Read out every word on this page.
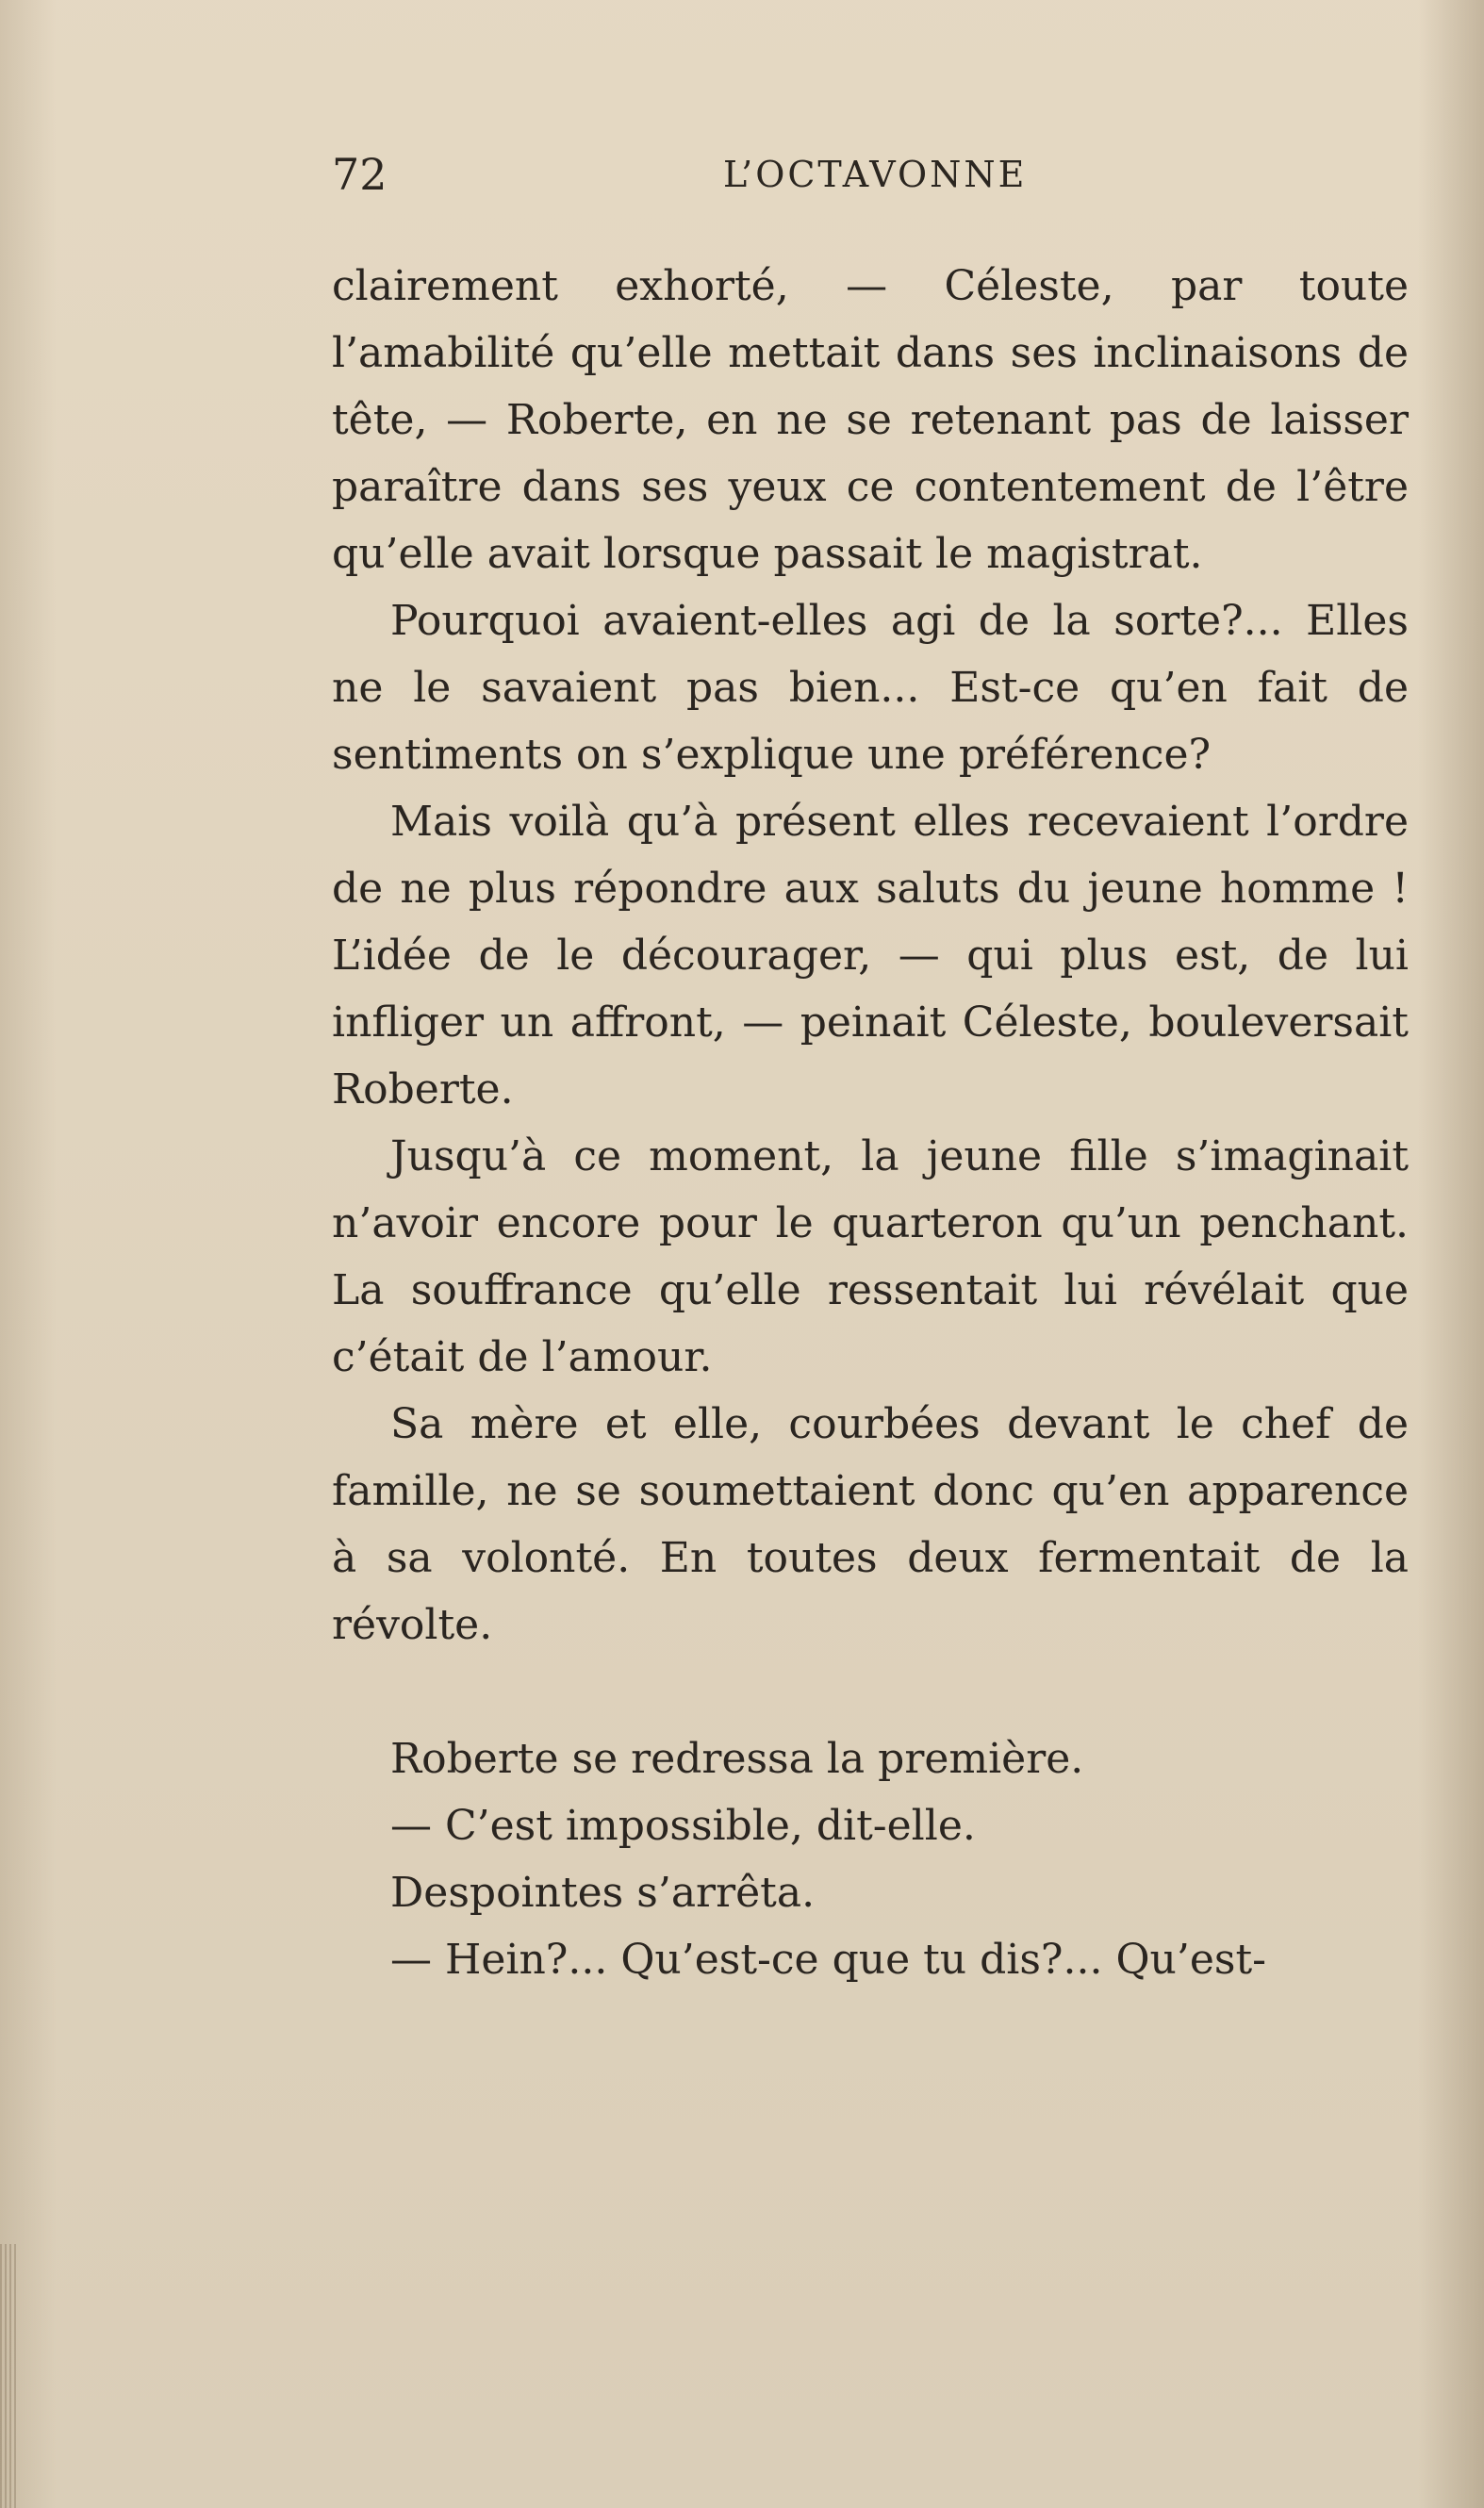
72	L’OCTAVONNE

clairement exhorté, — Céleste, par toute l’amabilité qu’elle mettait dans ses inclinaisons de tête, — Roberte, en ne se retenant pas de laisser paraître dans ses yeux ce contentement de l’être qu’elle avait lorsque passait le magistrat.

Pourquoi avaient-elles agi de la sorte?... Elles ne le savaient pas bien... Est-ce qu’en fait de sentiments on s’explique une préférence?

Mais voilà qu’à présent elles recevaient l’ordre de ne plus répondre aux saluts du jeune homme ! L’idée de le décourager, — qui plus est, de lui infliger un affront, — peinait Céleste, bouleversait Roberte.

Jusqu’à ce moment, la jeune fille s’imaginait n’avoir encore pour le quarteron qu’un penchant. La souffrance qu’elle ressentait lui révélait que c’était de l’amour.

Sa mère et elle, courbées devant le chef de famille, ne se soumettaient donc qu’en apparence à sa volonté. En toutes deux fermentait de la révolte.

Roberte se redressa la première.

— C’est impossible, dit-elle.

Despointes s’arrêta.

— Hein?... Qu’est-ce que tu dis?... Qu’est-
